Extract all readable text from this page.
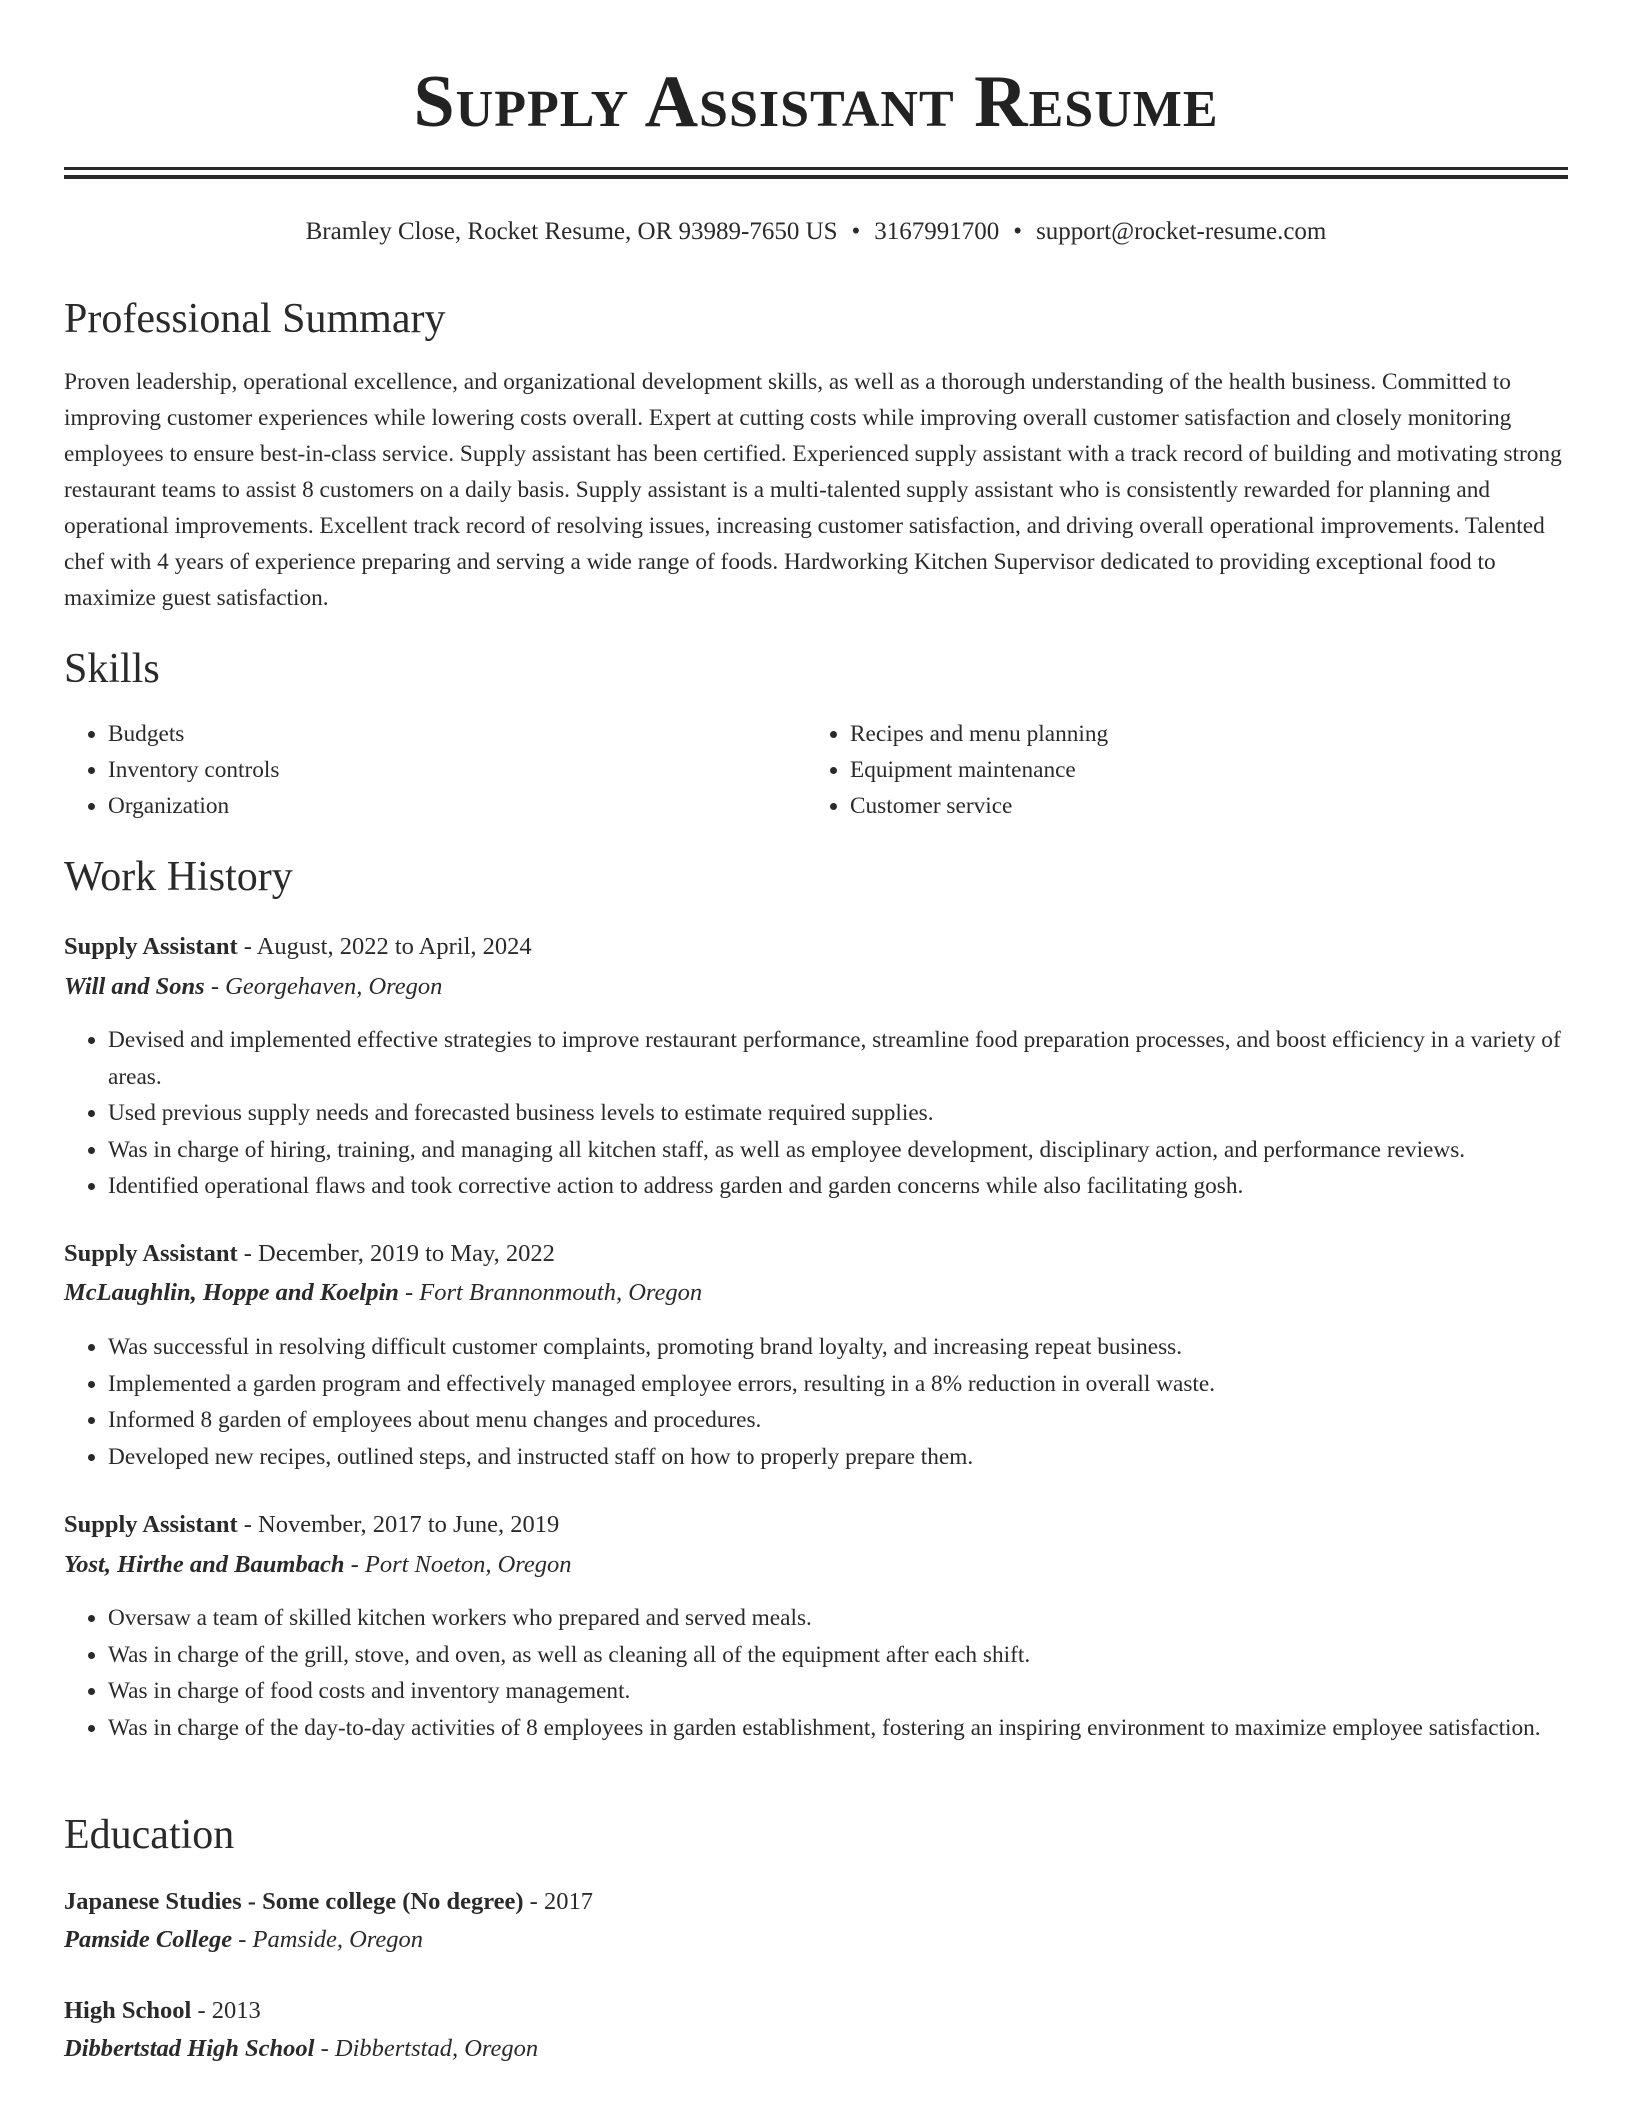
Supply Assistant Resume
Bramley Close, Rocket Resume, OR 93989-7650 US • 3167991700 • support@rocket-resume.com
Professional Summary

Proven leadership, operational excellence, and organizational development skills, as well as a thorough understanding of the health business. Committed to improving customer experiences while lowering costs overall. Expert at cutting costs while improving overall customer satisfaction and closely monitoring employees to ensure best-in-class service. Supply assistant has been certified. Experienced supply assistant with a track record of building and motivating strong restaurant teams to assist 8 customers on a daily basis. Supply assistant is a multi-talented supply assistant who is consistently rewarded for planning and operational improvements. Excellent track record of resolving issues, increasing customer satisfaction, and driving overall operational improvements. Talented chef with 4 years of experience preparing and serving a wide range of foods. Hardworking Kitchen Supervisor dedicated to providing exceptional food to maximize guest satisfaction.

Skills
• Budgets
• Inventory controls
• Organization
• Recipes and menu planning
• Equipment maintenance
• Customer service
Work History

Supply Assistant - August, 2022 to April, 2024

Will and Sons - Georgehaven, Oregon

• Devised and implemented effective strategies to improve restaurant performance, streamline food preparation processes, and boost efficiency in a variety of areas.
• Used previous supply needs and forecasted business levels to estimate required supplies.
• Was in charge of hiring, training, and managing all kitchen staff, as well as employee development, disciplinary action, and performance reviews.
• Identified operational flaws and took corrective action to address garden and garden concerns while also facilitating gosh.

Supply Assistant - December, 2019 to May, 2022

McLaughlin, Hoppe and Koelpin - Fort Brannonmouth, Oregon

• Was successful in resolving difficult customer complaints, promoting brand loyalty, and increasing repeat business.
• Implemented a garden program and effectively managed employee errors, resulting in a 8% reduction in overall waste.
• Informed 8 garden of employees about menu changes and procedures.
• Developed new recipes, outlined steps, and instructed staff on how to properly prepare them.

Supply Assistant - November, 2017 to June, 2019

Yost, Hirthe and Baumbach - Port Noeton, Oregon

• Oversaw a team of skilled kitchen workers who prepared and served meals.
• Was in charge of the grill, stove, and oven, as well as cleaning all of the equipment after each shift.
• Was in charge of food costs and inventory management.
• Was in charge of the day-to-day activities of 8 employees in garden establishment, fostering an inspiring environment to maximize employee satisfaction.
Education

Japanese Studies - Some college (No degree) - 2017

Pamside College - Pamside, Oregon

High School - 2013

Dibbertstad High School - Dibbertstad, Oregon
